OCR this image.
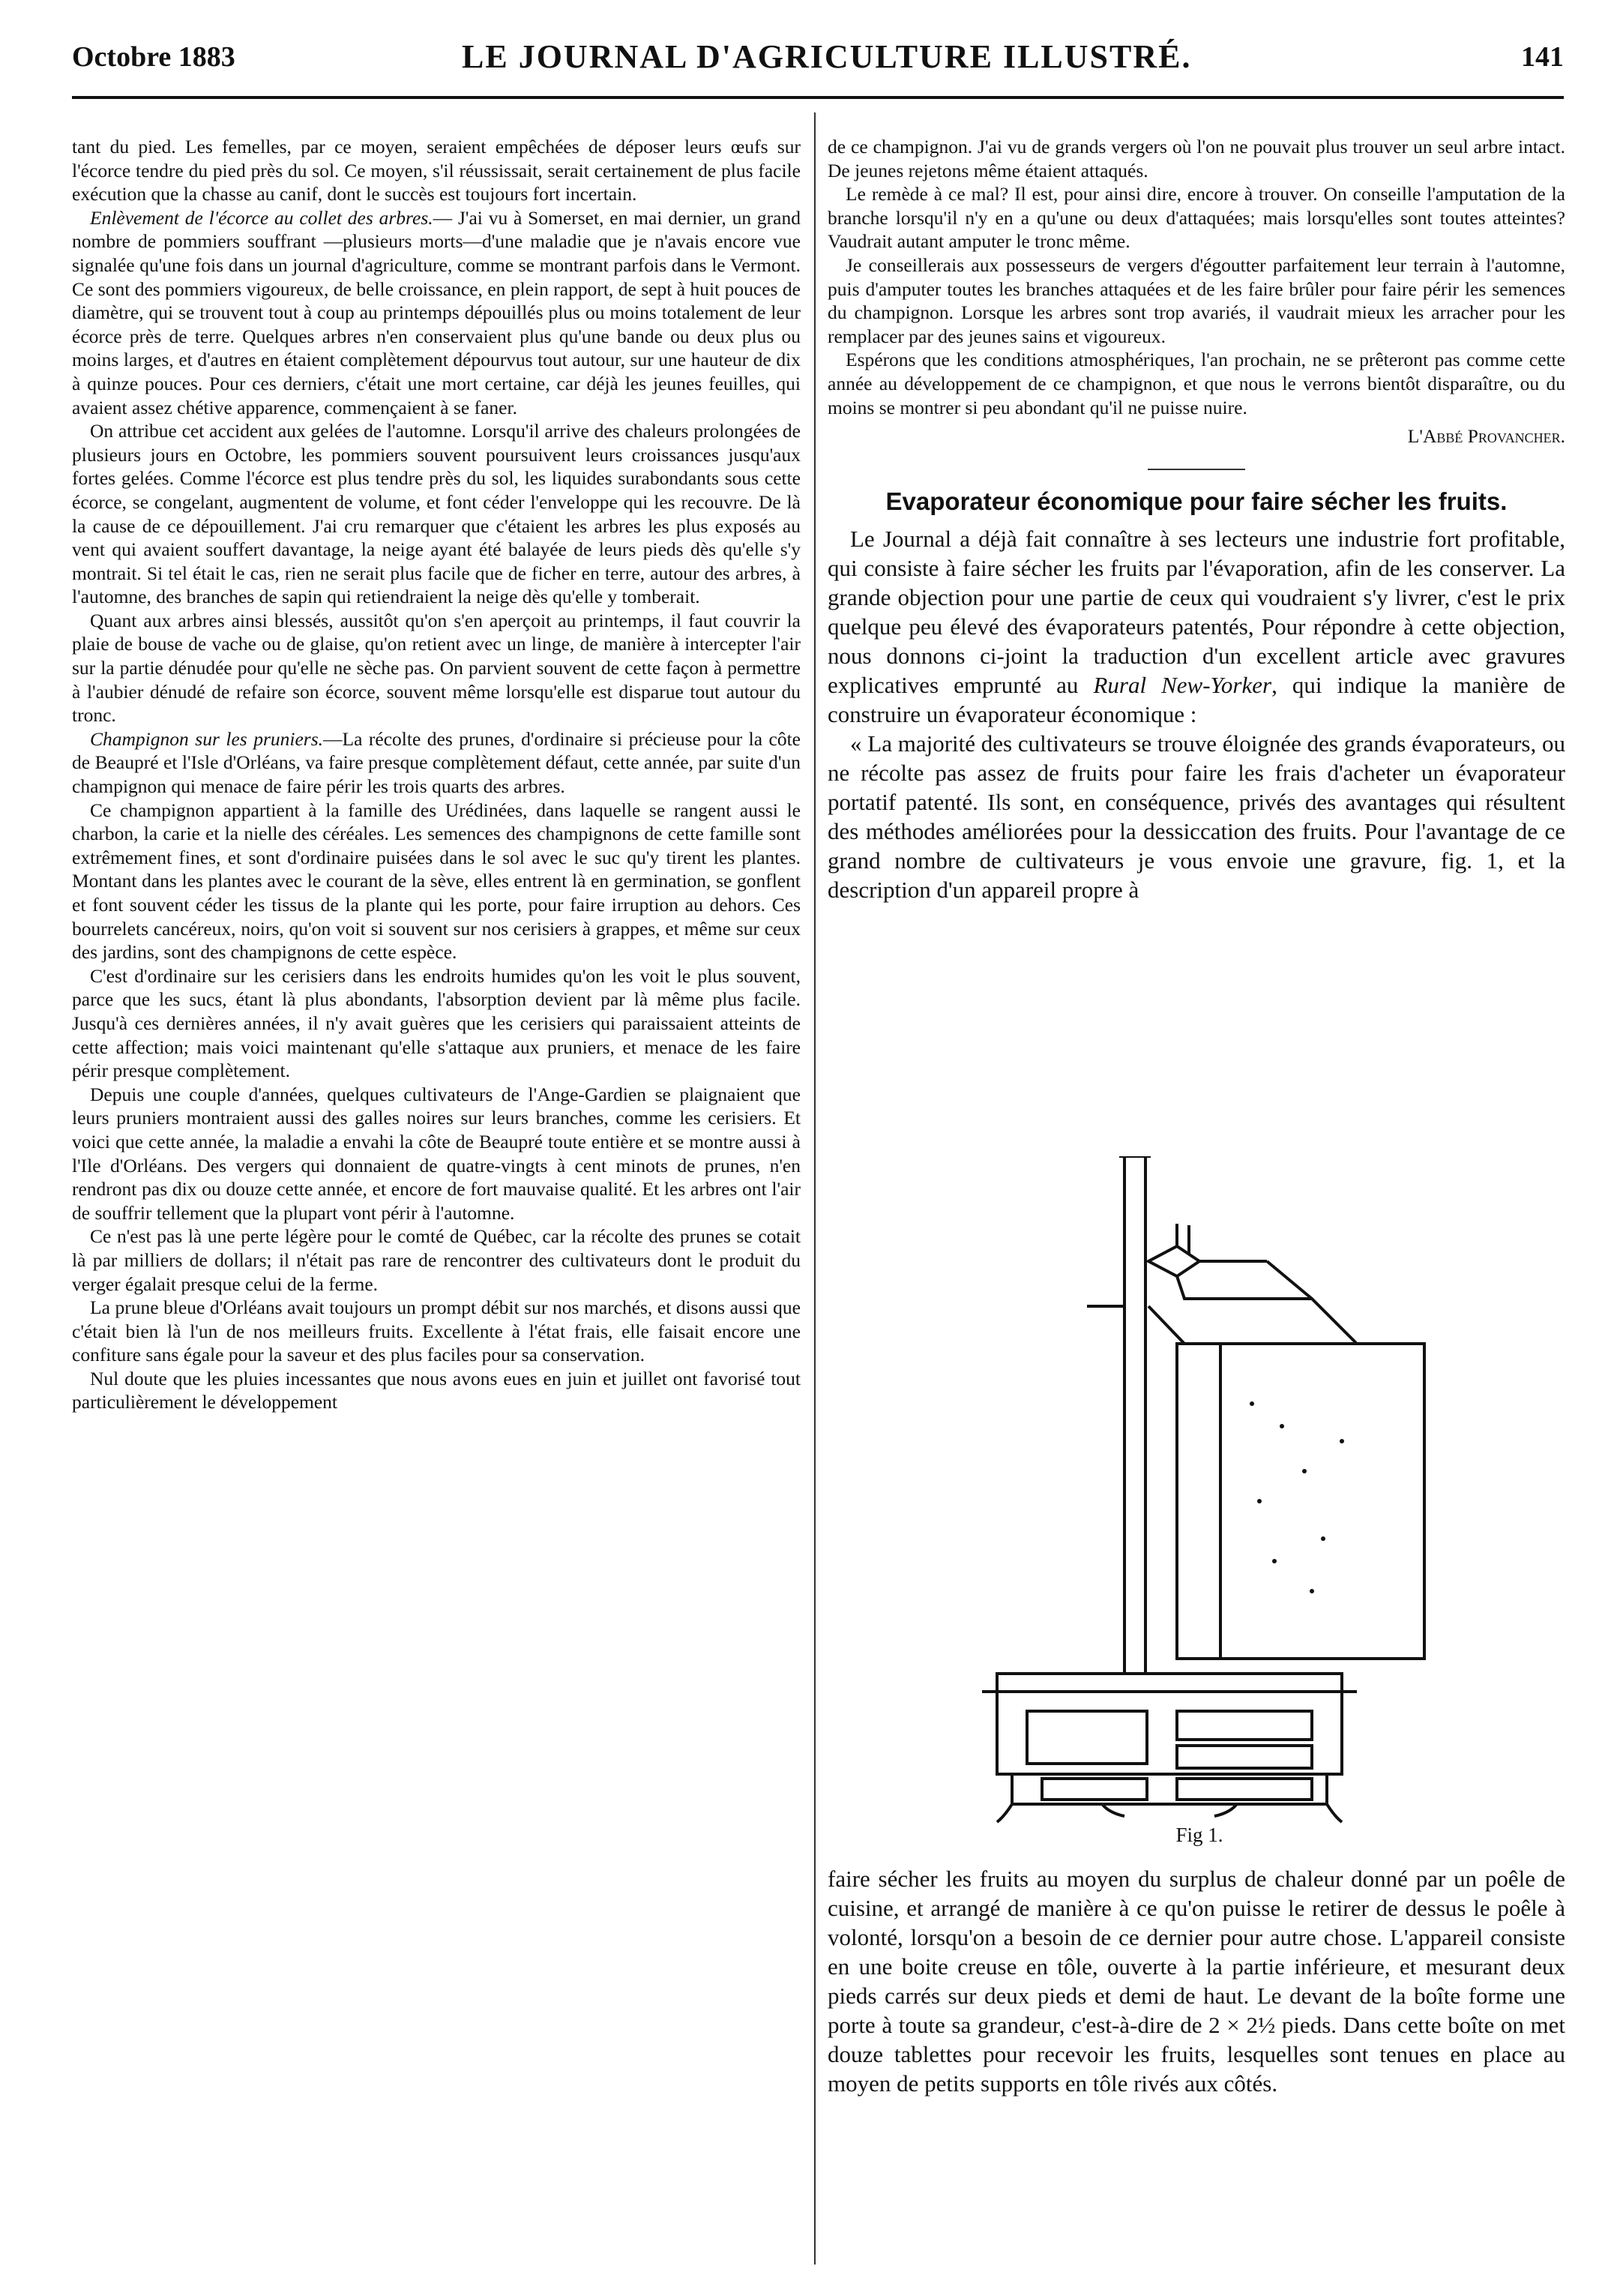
Octobre 1883	LE JOURNAL D'AGRICULTURE ILLUSTRÉ.	141

tant du pied. Les femelles, par ce moyen, seraient empêchées de déposer leurs œufs sur l'écorce tendre du pied près du sol. Ce moyen, s'il réussissait, serait certainement de plus facile exécution que la chasse au canif, dont le succès est toujours fort incertain.

Enlèvement de l'écorce au collet des arbres.— J'ai vu à Somerset, en mai dernier, un grand nombre de pommiers souffrant —plusieurs morts—d'une maladie que je n'avais encore vue signalée qu'une fois dans un journal d'agriculture, comme se montrant parfois dans le Vermont. Ce sont des pommiers vigoureux, de belle croissance, en plein rapport, de sept à huit pouces de diamètre, qui se trouvent tout à coup au printemps dépouillés plus ou moins totalement de leur écorce près de terre. Quelques arbres n'en conservaient plus qu'une bande ou deux plus ou moins larges, et d'autres en étaient complètement dépourvus tout autour, sur une hauteur de dix à quinze pouces. Pour ces derniers, c'était une mort certaine, car déjà les jeunes feuilles, qui avaient assez chétive apparence, commençaient à se faner.

On attribue cet accident aux gelées de l'automne. Lorsqu'il arrive des chaleurs prolongées de plusieurs jours en Octobre, les pommiers souvent poursuivent leurs croissances jusqu'aux fortes gelées. Comme l'écorce est plus tendre près du sol, les liquides surabondants sous cette écorce, se congelant, augmentent de volume, et font céder l'enveloppe qui les recouvre. De là la cause de ce dépouillement. J'ai cru remarquer que c'étaient les arbres les plus exposés au vent qui avaient souffert davantage, la neige ayant été balayée de leurs pieds dès qu'elle s'y montrait. Si tel était le cas, rien ne serait plus facile que de ficher en terre, autour des arbres, à l'automne, des branches de sapin qui retiendraient la neige dès qu'elle y tomberait.

Quant aux arbres ainsi blessés, aussitôt qu'on s'en aperçoit au printemps, il faut couvrir la plaie de bouse de vache ou de glaise, qu'on retient avec un linge, de manière à intercepter l'air sur la partie dénudée pour qu'elle ne sèche pas. On parvient souvent de cette façon à permettre à l'aubier dénudé de refaire son écorce, souvent même lorsqu'elle est disparue tout autour du tronc.

Champignon sur les pruniers.—La récolte des prunes, d'ordinaire si précieuse pour la côte de Beaupré et l'Isle d'Orléans, va faire presque complètement défaut, cette année, par suite d'un champignon qui menace de faire périr les trois quarts des arbres.

Ce champignon appartient à la famille des Urédinées, dans laquelle se rangent aussi le charbon, la carie et la nielle des céréales. Les semences des champignons de cette famille sont extrêmement fines, et sont d'ordinaire puisées dans le sol avec le suc qu'y tirent les plantes. Montant dans les plantes avec le courant de la sève, elles entrent là en germination, se gonflent et font souvent céder les tissus de la plante qui les porte, pour faire irruption au dehors. Ces bourrelets cancéreux, noirs, qu'on voit si souvent sur nos cerisiers à grappes, et même sur ceux des jardins, sont des champignons de cette espèce.

C'est d'ordinaire sur les cerisiers dans les endroits humides qu'on les voit le plus souvent, parce que les sucs, étant là plus abondants, l'absorption devient par là même plus facile. Jusqu'à ces dernières années, il n'y avait guères que les cerisiers qui paraissaient atteints de cette affection; mais voici maintenant qu'elle s'attaque aux pruniers, et menace de les faire périr presque complètement.

Depuis une couple d'années, quelques cultivateurs de l'Ange-Gardien se plaignaient que leurs pruniers montraient aussi des galles noires sur leurs branches, comme les cerisiers. Et voici que cette année, la maladie a envahi la côte de Beaupré toute entière et se montre aussi à l'Ile d'Orléans. Des vergers qui donnaient de quatre-vingts à cent minots de prunes, n'en rendront pas dix ou douze cette année, et encore de fort mauvaise qualité. Et les arbres ont l'air de souffrir tellement que la plupart vont périr à l'automne.

Ce n'est pas là une perte légère pour le comté de Québec, car la récolte des prunes se cotait là par milliers de dollars; il n'était pas rare de rencontrer des cultivateurs dont le produit du verger égalait presque celui de la ferme.

La prune bleue d'Orléans avait toujours un prompt débit sur nos marchés, et disons aussi que c'était bien là l'un de nos meilleurs fruits. Excellente à l'état frais, elle faisait encore une confiture sans égale pour la saveur et des plus faciles pour sa conservation.

Nul doute que les pluies incessantes que nous avons eues en juin et juillet ont favorisé tout particulièrement le développement

de ce champignon. J'ai vu de grands vergers où l'on ne pouvait plus trouver un seul arbre intact. De jeunes rejetons même étaient attaqués.

Le remède à ce mal? Il est, pour ainsi dire, encore à trouver. On conseille l'amputation de la branche lorsqu'il n'y en a qu'une ou deux d'attaquées; mais lorsqu'elles sont toutes atteintes? Vaudrait autant amputer le tronc même.

Je conseillerais aux possesseurs de vergers d'égoutter parfaitement leur terrain à l'automne, puis d'amputer toutes les branches attaquées et de les faire brûler pour faire périr les semences du champignon. Lorsque les arbres sont trop avariés, il vaudrait mieux les arracher pour les remplacer par des jeunes sains et vigoureux.

Espérons que les conditions atmosphériques, l'an prochain, ne se prêteront pas comme cette année au développement de ce champignon, et que nous le verrons bientôt disparaître, ou du moins se montrer si peu abondant qu'il ne puisse nuire.

L'Abbé Provancher.
Evaporateur économique pour faire sécher les fruits.

Le Journal a déjà fait connaître à ses lecteurs une industrie fort profitable, qui consiste à faire sécher les fruits par l'évaporation, afin de les conserver. La grande objection pour une partie de ceux qui voudraient s'y livrer, c'est le prix quelque peu élevé des évaporateurs patentés, Pour répondre à cette objection, nous donnons ci-joint la traduction d'un excellent article avec gravures explicatives emprunté au Rural New-Yorker, qui indique la manière de construire un évaporateur économique :

« La majorité des cultivateurs se trouve éloignée des grands évaporateurs, ou ne récolte pas assez de fruits pour faire les frais d'acheter un évaporateur portatif patenté. Ils sont, en conséquence, privés des avantages qui résultent des méthodes améliorées pour la dessiccation des fruits. Pour l'avantage de ce grand nombre de cultivateurs je vous envoie une gravure, fig. 1, et la description d'un appareil propre à

Fig 1.

faire sécher les fruits au moyen du surplus de chaleur donné par un poêle de cuisine, et arrangé de manière à ce qu'on puisse le retirer de dessus le poêle à volonté, lorsqu'on a besoin de ce dernier pour autre chose. L'appareil consiste en une boite creuse en tôle, ouverte à la partie inférieure, et mesurant deux pieds carrés sur deux pieds et demi de haut. Le devant de la boîte forme une porte à toute sa grandeur, c'est-à-dire de 2 × 2½ pieds. Dans cette boîte on met douze tablettes pour recevoir les fruits, lesquelles sont tenues en place au moyen de petits supports en tôle rivés aux côtés.
